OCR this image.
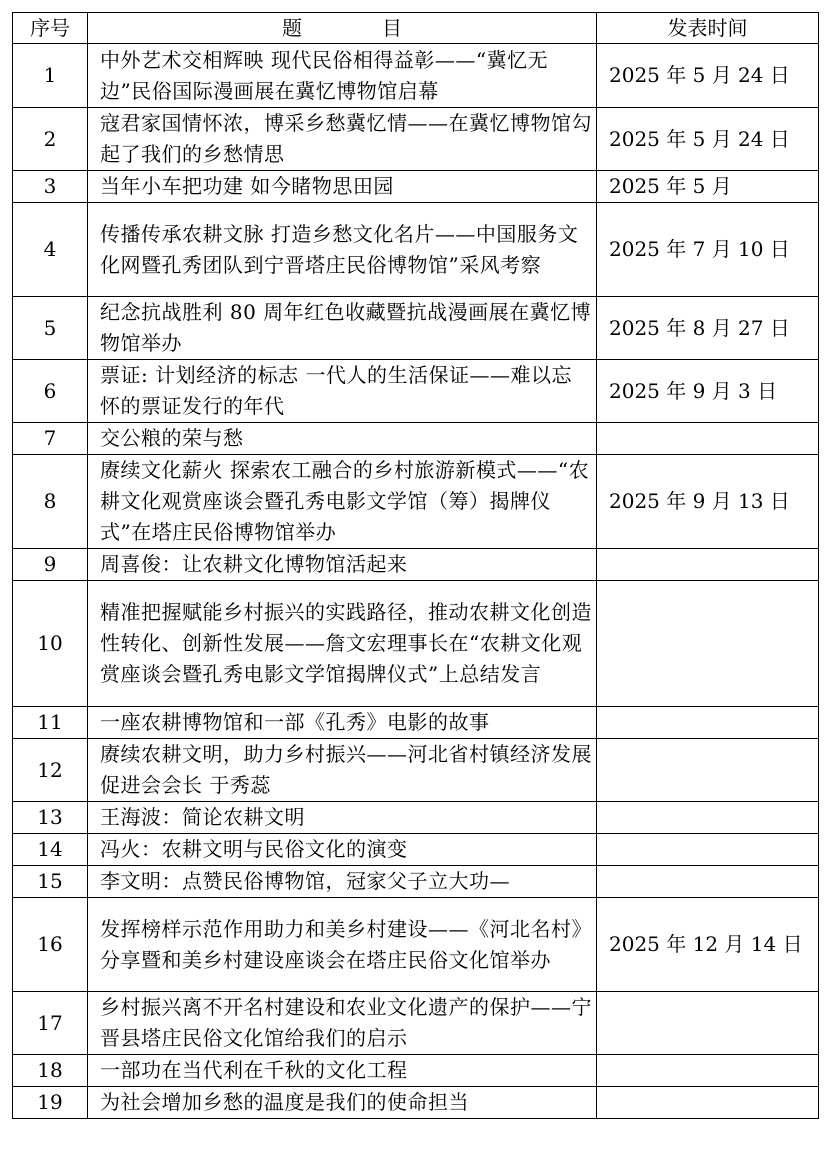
序号	题　　　　目	发表时间
1	中外艺术交相辉映 现代民俗相得益彰——“冀忆无边”民俗国际漫画展在冀忆博物馆启幕	2025 年 5 月 24 日
2	寇君家国情怀浓，博采乡愁冀忆情——在冀忆博物馆勾起了我们的乡愁情思	2025 年 5 月 24 日
3	当年小车把功建 如今睹物思田园	2025 年 5 月
4	传播传承农耕文脉 打造乡愁文化名片——中国服务文化网暨孔秀团队到宁晋塔庄民俗博物馆”采风考察	2025 年 7 月 10 日
5	纪念抗战胜利 80 周年红色收藏暨抗战漫画展在冀忆博物馆举办	2025 年 8 月 27 日
6	票证: 计划经济的标志 一代人的生活保证——难以忘怀的票证发行的年代	2025 年 9 月 3 日
7	交公粮的荣与愁	
8	赓续文化薪火 探索农工融合的乡村旅游新模式——“农耕文化观赏座谈会暨孔秀电影文学馆（筹）揭牌仪式”在塔庄民俗博物馆举办	2025 年 9 月 13 日
9	周喜俊：让农耕文化博物馆活起来	
10	精准把握赋能乡村振兴的实践路径，推动农耕文化创造性转化、创新性发展——詹文宏理事长在“农耕文化观赏座谈会暨孔秀电影文学馆揭牌仪式”上总结发言	
11	一座农耕博物馆和一部《孔秀》电影的故事	
12	赓续农耕文明，助力乡村振兴——河北省村镇经济发展促进会会长 于秀蕊	
13	王海波：简论农耕文明	
14	冯火：农耕文明与民俗文化的演变	
15	李文明：点赞民俗博物馆，冠家父子立大功—	
16	发挥榜样示范作用助力和美乡村建设——《河北名村》分享暨和美乡村建设座谈会在塔庄民俗文化馆举办	2025 年 12 月 14 日
17	乡村振兴离不开名村建设和农业文化遗产的保护——宁晋县塔庄民俗文化馆给我们的启示	
18	一部功在当代利在千秋的文化工程	
19	为社会增加乡愁的温度是我们的使命担当	
